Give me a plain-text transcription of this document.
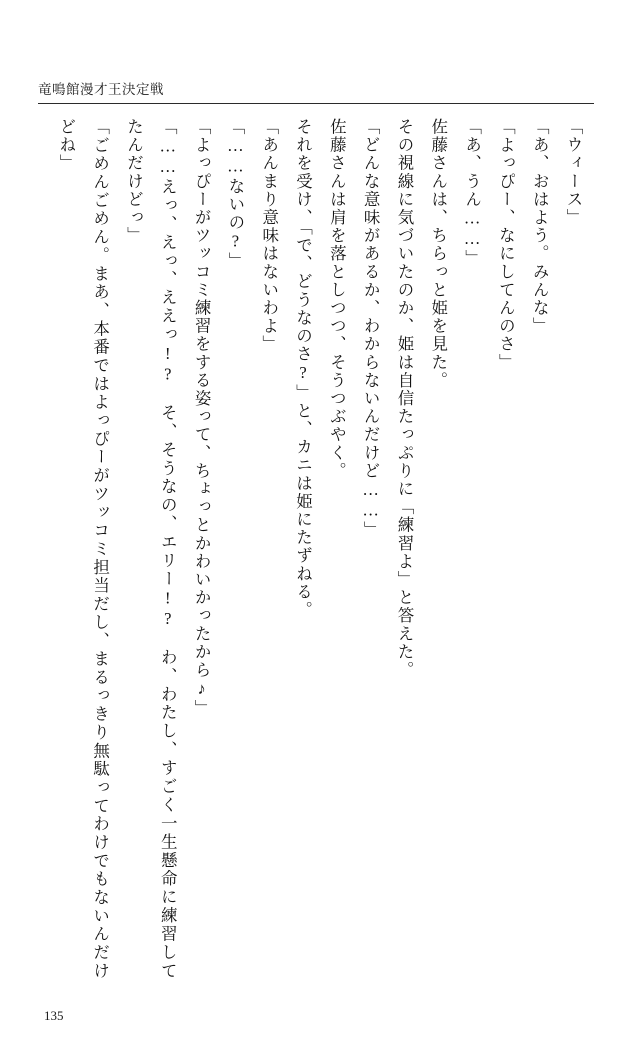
竜鳴館漫才王決定戦

「ウィース」

「あ、おはよう。みんな」

「よっぴー、なにしてんのさ」

「あ、うん……」

佐藤さんは、ちらっと姫を見た。

その視線に気づいたのか、姫は自信たっぷりに「練習よ」と答えた。

「どんな意味があるか、わからないんだけど……」

佐藤さんは肩を落としつつ、そうつぶやく。

それを受け、「で、どうなのさ?」と、カニは姫にたずねる。

「あんまり意味はないわよ」

「……ないの?」

「よっぴーがツッコミ練習をする姿って、ちょっとかわいかったから♪」

「……えっ、えっ、ええっ!?　そ、そうなの、エリー!?　わ、わたし、すごく一生懸命に練習してたんだけどっ」

「ごめんごめん。まあ、本番ではよっぴーがツッコミ担当だし、まるっきり無駄ってわけでもないんだけどね」

135
